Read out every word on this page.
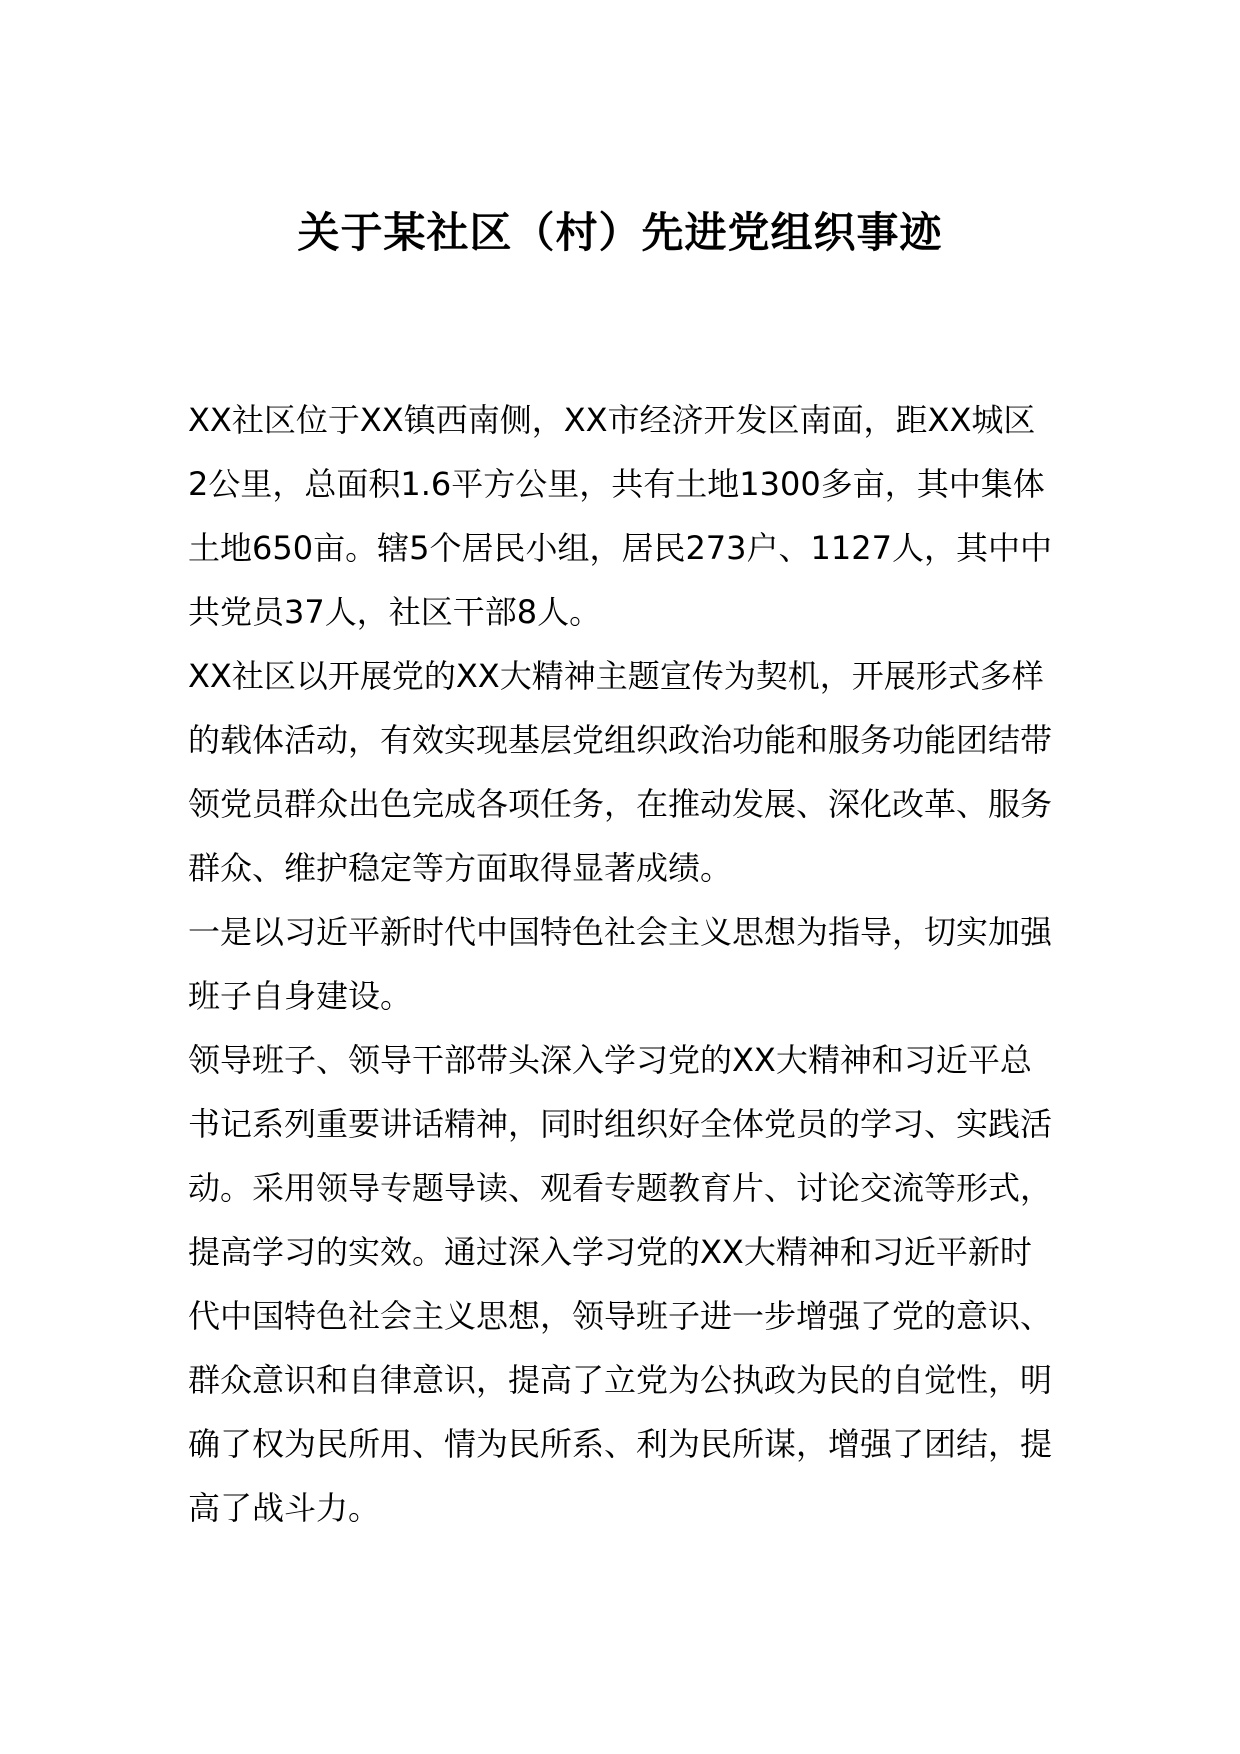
关于某社区（村）先进党组织事迹

XX社区位于XX镇西南侧，XX市经济开发区南面，距XX城区2公里，总面积1.6平方公里，共有土地1300多亩，其中集体土地650亩。辖5个居民小组，居民273户、1127人，其中中共党员37人，社区干部8人。

XX社区以开展党的XX大精神主题宣传为契机，开展形式多样的载体活动，有效实现基层党组织政治功能和服务功能团结带领党员群众出色完成各项任务，在推动发展、深化改革、服务群众、维护稳定等方面取得显著成绩。

一是以习近平新时代中国特色社会主义思想为指导，切实加强班子自身建设。

领导班子、领导干部带头深入学习党的XX大精神和习近平总书记系列重要讲话精神，同时组织好全体党员的学习、实践活动。采用领导专题导读、观看专题教育片、讨论交流等形式，提高学习的实效。通过深入学习党的XX大精神和习近平新时代中国特色社会主义思想，领导班子进一步增强了党的意识、群众意识和自律意识，提高了立党为公执政为民的自觉性，明确了权为民所用、情为民所系、利为民所谋，增强了团结，提高了战斗力。
